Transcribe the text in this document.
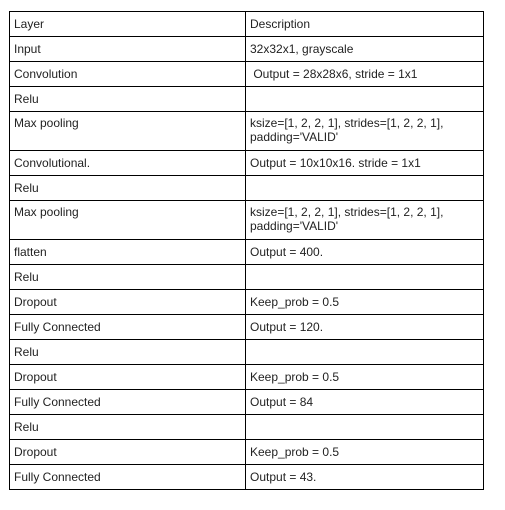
Layer	Description
Input	32x32x1, grayscale
Convolution	Output = 28x28x6, stride = 1x1
Relu	
Max pooling	ksize=[1, 2, 2, 1], strides=[1, 2, 2, 1], padding='VALID'
Convolutional.	Output = 10x10x16. stride = 1x1
Relu	
Max pooling	ksize=[1, 2, 2, 1], strides=[1, 2, 2, 1], padding='VALID'
flatten	Output = 400.
Relu	
Dropout	Keep_prob = 0.5
Fully Connected	Output = 120.
Relu	
Dropout	Keep_prob = 0.5
Fully Connected	Output = 84
Relu	
Dropout	Keep_prob = 0.5
Fully Connected	Output = 43.
